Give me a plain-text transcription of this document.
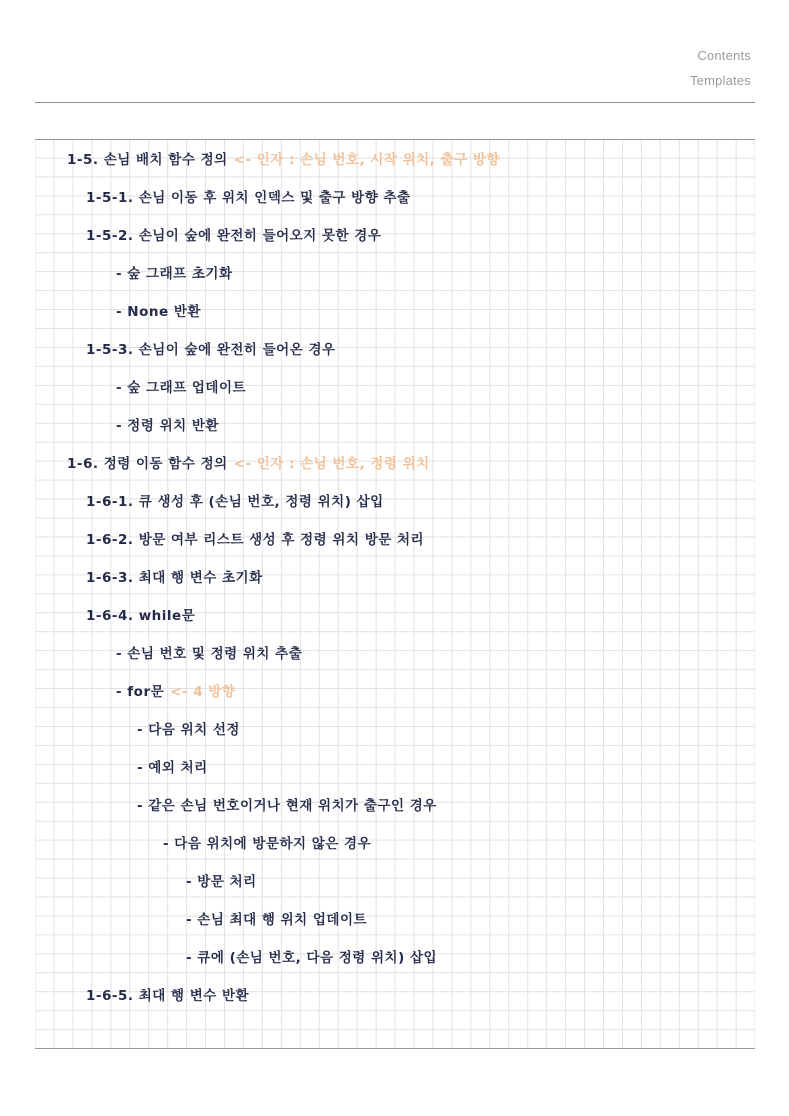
Contents
Templates
1-5. 손님 배치 함수 정의 <- 인자 : 손님 번호, 시작 위치, 출구 방향
1-5-1. 손님 이동 후 위치 인덱스 및 출구 방향 추출
1-5-2. 손님이 숲에 완전히 들어오지 못한 경우
- 숲 그래프 초기화
- None 반환
1-5-3. 손님이 숲에 완전히 들어온 경우
- 숲 그래프 업데이트
- 정령 위치 반환
1-6. 정령 이동 함수 정의 <- 인자 : 손님 번호, 정령 위치
1-6-1. 큐 생성 후 (손님 번호, 정령 위치) 삽입
1-6-2. 방문 여부 리스트 생성 후 정령 위치 방문 처리
1-6-3. 최대 행 변수 초기화
1-6-4. while문
- 손님 번호 및 정령 위치 추출
- for문 <- 4 방향
- 다음 위치 선정
- 예외 처리
- 같은 손님 번호이거나 현재 위치가 출구인 경우
- 다음 위치에 방문하지 않은 경우
- 방문 처리
- 손님 최대 행 위치 업데이트
- 큐에 (손님 번호, 다음 정령 위치) 삽입
1-6-5. 최대 행 변수 반환
